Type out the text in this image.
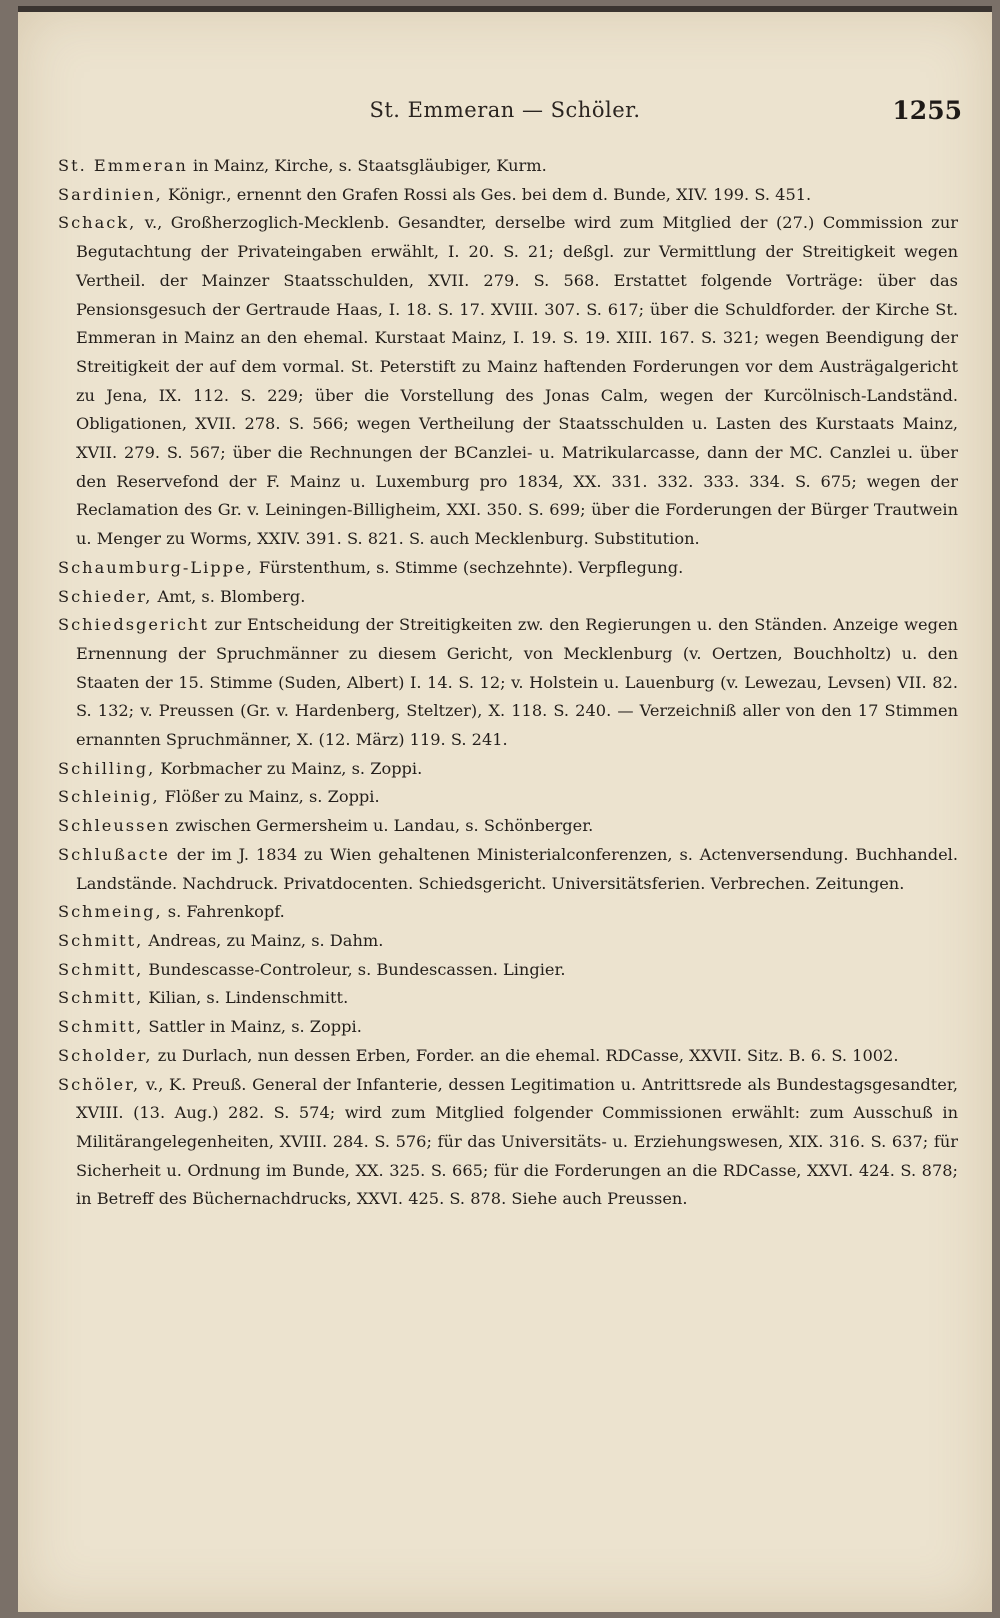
St. Emmeran — Schöler.	1255

St. Emmeran in Mainz, Kirche, s. Staatsgläubiger, Kurm.

Sardinien, Königr., ernennt den Grafen Rossi als Ges. bei dem d. Bunde, XIV. 199. S. 451.

Schack, v., Großherzoglich-Mecklenb. Gesandter, derselbe wird zum Mitglied der (27.) Commission zur Begutachtung der Privateingaben erwählt, I. 20. S. 21; deßgl. zur Vermittlung der Streitigkeit wegen Vertheil. der Mainzer Staatsschulden, XVII. 279. S. 568. Erstattet folgende Vorträge: über das Pensionsgesuch der Gertraude Haas, I. 18. S. 17. XVIII. 307. S. 617; über die Schuldforder. der Kirche St. Emmeran in Mainz an den ehemal. Kurstaat Mainz, I. 19. S. 19. XIII. 167. S. 321; wegen Beendigung der Streitigkeit der auf dem vormal. St. Peterstift zu Mainz haftenden Forderungen vor dem Austrägalgericht zu Jena, IX. 112. S. 229; über die Vorstellung des Jonas Calm, wegen der Kurcölnisch-Landständ. Obligationen, XVII. 278. S. 566; wegen Vertheilung der Staatsschulden u. Lasten des Kurstaats Mainz, XVII. 279. S. 567; über die Rechnungen der BCanzlei- u. Matrikularcasse, dann der MC. Canzlei u. über den Reservefond der F. Mainz u. Luxemburg pro 1834, XX. 331. 332. 333. 334. S. 675; wegen der Reclamation des Gr. v. Leiningen-Billigheim, XXI. 350. S. 699; über die Forderungen der Bürger Trautwein u. Menger zu Worms, XXIV. 391. S. 821. S. auch Mecklenburg. Substitution.

Schaumburg-Lippe, Fürstenthum, s. Stimme (sechzehnte). Verpflegung.

Schieder, Amt, s. Blomberg.

Schiedsgericht zur Entscheidung der Streitigkeiten zw. den Regierungen u. den Ständen. Anzeige wegen Ernennung der Spruchmänner zu diesem Gericht, von Mecklenburg (v. Oertzen, Bouchholtz) u. den Staaten der 15. Stimme (Suden, Albert) I. 14. S. 12; v. Holstein u. Lauenburg (v. Lewezau, Levsen) VII. 82. S. 132; v. Preussen (Gr. v. Hardenberg, Steltzer), X. 118. S. 240. — Verzeichniß aller von den 17 Stimmen ernannten Spruchmänner, X. (12. März) 119. S. 241.

Schilling, Korbmacher zu Mainz, s. Zoppi.

Schleinig, Flößer zu Mainz, s. Zoppi.

Schleussen zwischen Germersheim u. Landau, s. Schönberger.

Schlußacte der im J. 1834 zu Wien gehaltenen Ministerialconferenzen, s. Actenversendung. Buchhandel. Landstände. Nachdruck. Privatdocenten. Schiedsgericht. Universitätsferien. Verbrechen. Zeitungen.

Schmeing, s. Fahrenkopf.

Schmitt, Andreas, zu Mainz, s. Dahm.

Schmitt, Bundescasse-Controleur, s. Bundescassen. Lingier.

Schmitt, Kilian, s. Lindenschmitt.

Schmitt, Sattler in Mainz, s. Zoppi.

Scholder, zu Durlach, nun dessen Erben, Forder. an die ehemal. RDCasse, XXVII. Sitz. B. 6. S. 1002.

Schöler, v., K. Preuß. General der Infanterie, dessen Legitimation u. Antrittsrede als Bundestagsgesandter, XVIII. (13. Aug.) 282. S. 574; wird zum Mitglied folgender Commissionen erwählt: zum Ausschuß in Militärangelegenheiten, XVIII. 284. S. 576; für das Universitäts- u. Erziehungswesen, XIX. 316. S. 637; für Sicherheit u. Ordnung im Bunde, XX. 325. S. 665; für die Forderungen an die RDCasse, XXVI. 424. S. 878; in Betreff des Büchernachdrucks, XXVI. 425. S. 878. Siehe auch Preussen.
